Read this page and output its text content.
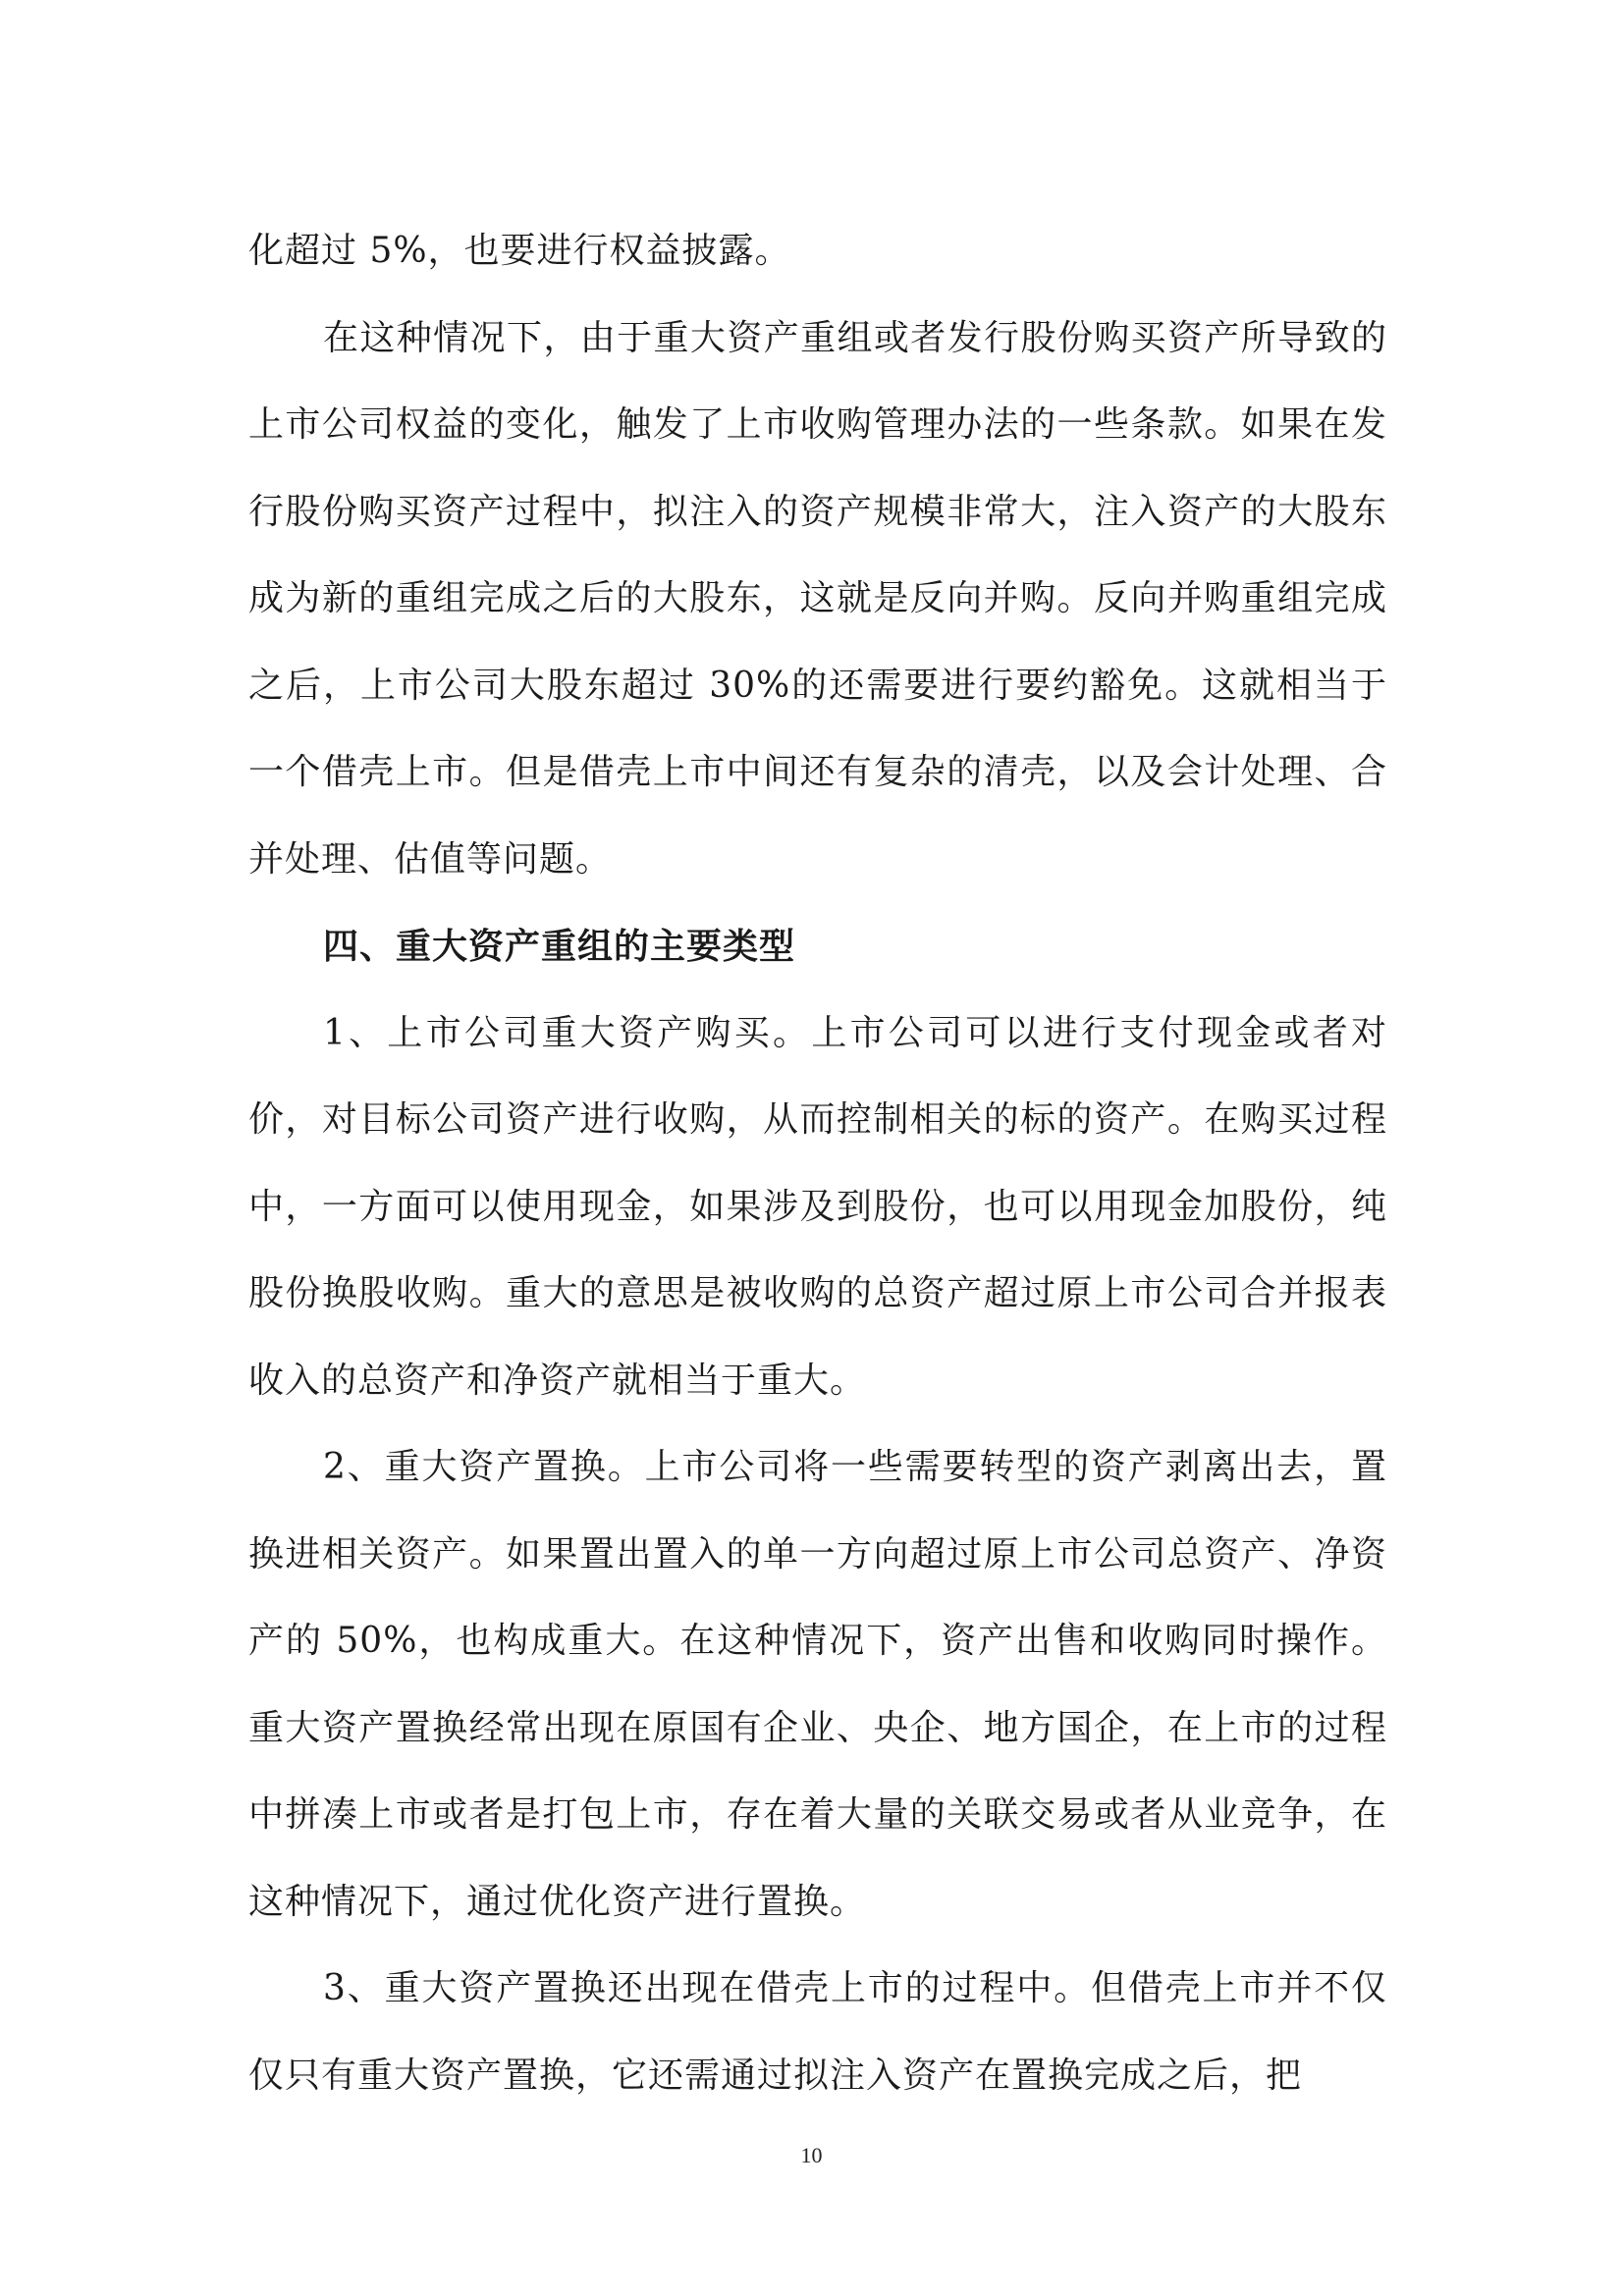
化超过 5%，也要进行权益披露。

在这种情况下，由于重大资产重组或者发行股份购买资产所导致的上市公司权益的变化，触发了上市收购管理办法的一些条款。如果在发行股份购买资产过程中，拟注入的资产规模非常大，注入资产的大股东成为新的重组完成之后的大股东，这就是反向并购。反向并购重组完成之后，上市公司大股东超过 30%的还需要进行要约豁免。这就相当于一个借壳上市。但是借壳上市中间还有复杂的清壳，以及会计处理、合并处理、估值等问题。

四、重大资产重组的主要类型

1、上市公司重大资产购买。上市公司可以进行支付现金或者对价，对目标公司资产进行收购，从而控制相关的标的资产。在购买过程中，一方面可以使用现金，如果涉及到股份，也可以用现金加股份，纯股份换股收购。重大的意思是被收购的总资产超过原上市公司合并报表收入的总资产和净资产就相当于重大。

2、重大资产置换。上市公司将一些需要转型的资产剥离出去，置换进相关资产。如果置出置入的单一方向超过原上市公司总资产、净资产的 50%，也构成重大。在这种情况下，资产出售和收购同时操作。重大资产置换经常出现在原国有企业、央企、地方国企，在上市的过程中拼凑上市或者是打包上市，存在着大量的关联交易或者从业竞争，在这种情况下，通过优化资产进行置换。

3、重大资产置换还出现在借壳上市的过程中。但借壳上市并不仅仅只有重大资产置换，它还需通过拟注入资产在置换完成之后，把

10
